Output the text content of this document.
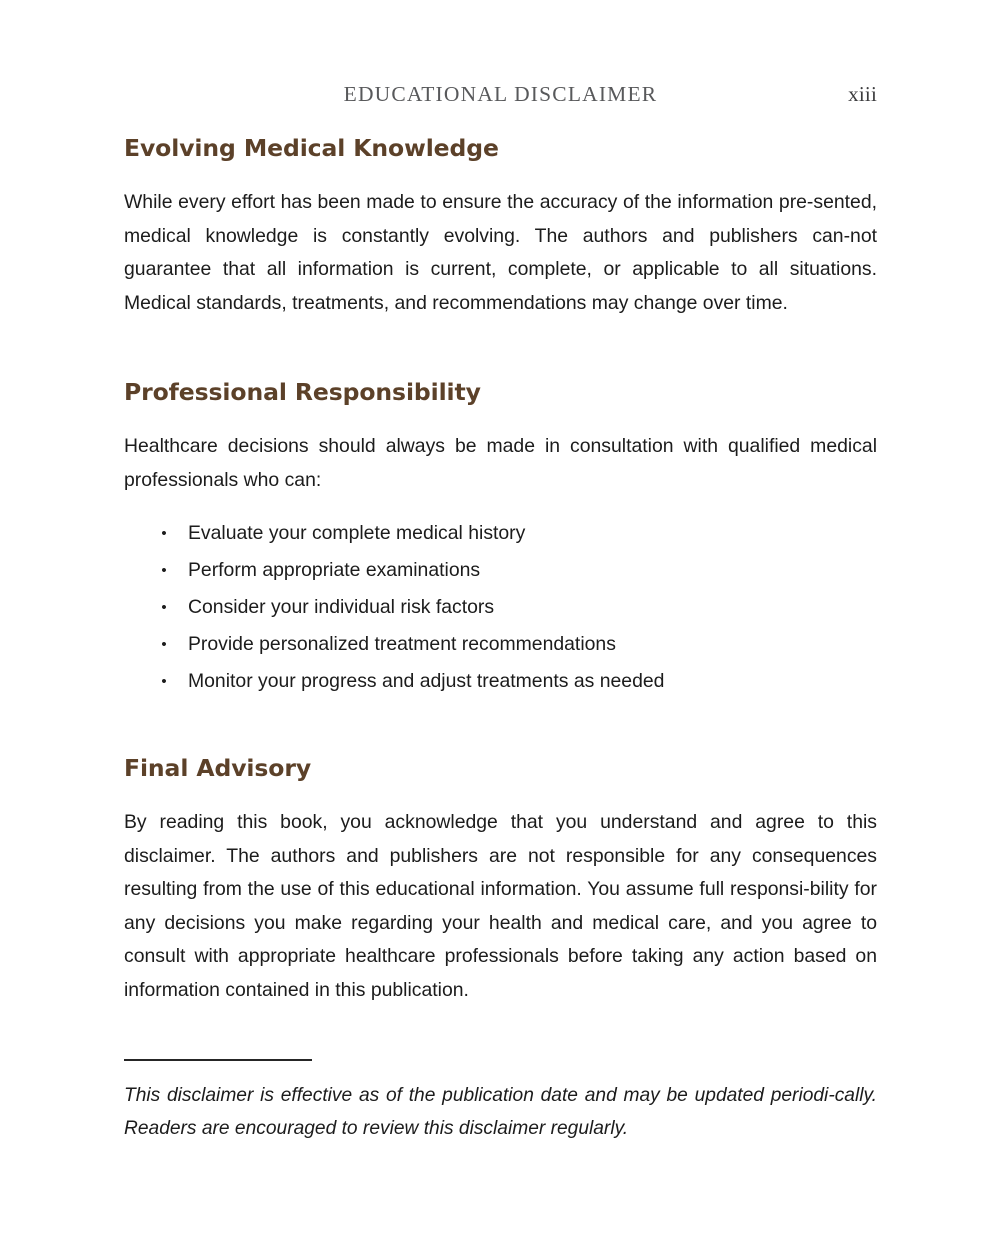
EDUCATIONAL DISCLAIMER	xiii
Evolving Medical Knowledge

While every effort has been made to ensure the accuracy of the information pre‐sented, medical knowledge is constantly evolving. The authors and publishers can‐not guarantee that all information is current, complete, or applicable to all situations. Medical standards, treatments, and recommendations may change over time.

Professional Responsibility

Healthcare decisions should always be made in consultation with qualified medical professionals who can:

• Evaluate your complete medical history
• Perform appropriate examinations
• Consider your individual risk factors
• Provide personalized treatment recommendations
• Monitor your progress and adjust treatments as needed
Final Advisory

By reading this book, you acknowledge that you understand and agree to this disclaimer. The authors and publishers are not responsible for any consequences resulting from the use of this educational information. You assume full responsi‐bility for any decisions you make regarding your health and medical care, and you agree to consult with appropriate healthcare professionals before taking any action based on information contained in this publication.

This disclaimer is effective as of the publication date and may be updated periodi‐cally. Readers are encouraged to review this disclaimer regularly.
